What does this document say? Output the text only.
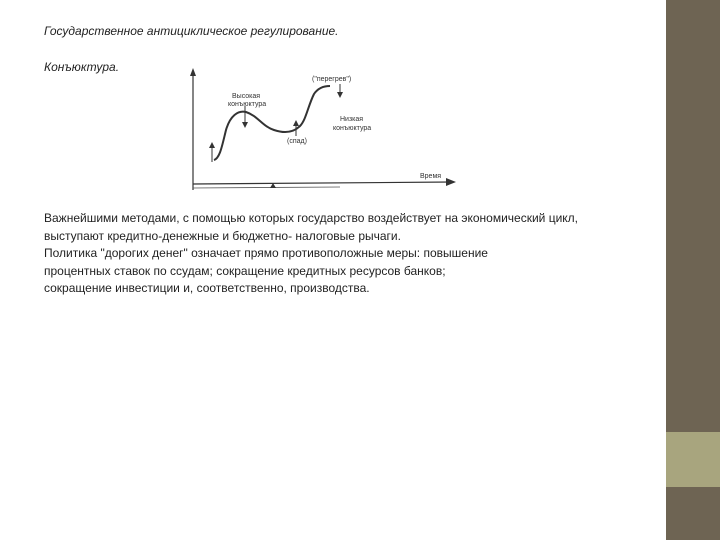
Государственное антициклическое регулирование.
Конъюктура.
Высокая
конъюктура
("перегрев")
Низкая
конъюктура
(спад)
Время

Важнейшими методами, с помощью которых государство воздействует на экономический цикл,

выступают кредитно-денежные и бюджетно- налоговые рычаги.

Политика "дорогих денег" означает прямо противоположные меры: повышение

процентных ставок по ссудам; сокращение кредитных ресурсов банков;

сокращение инвестиции и, соответственно, производства.
